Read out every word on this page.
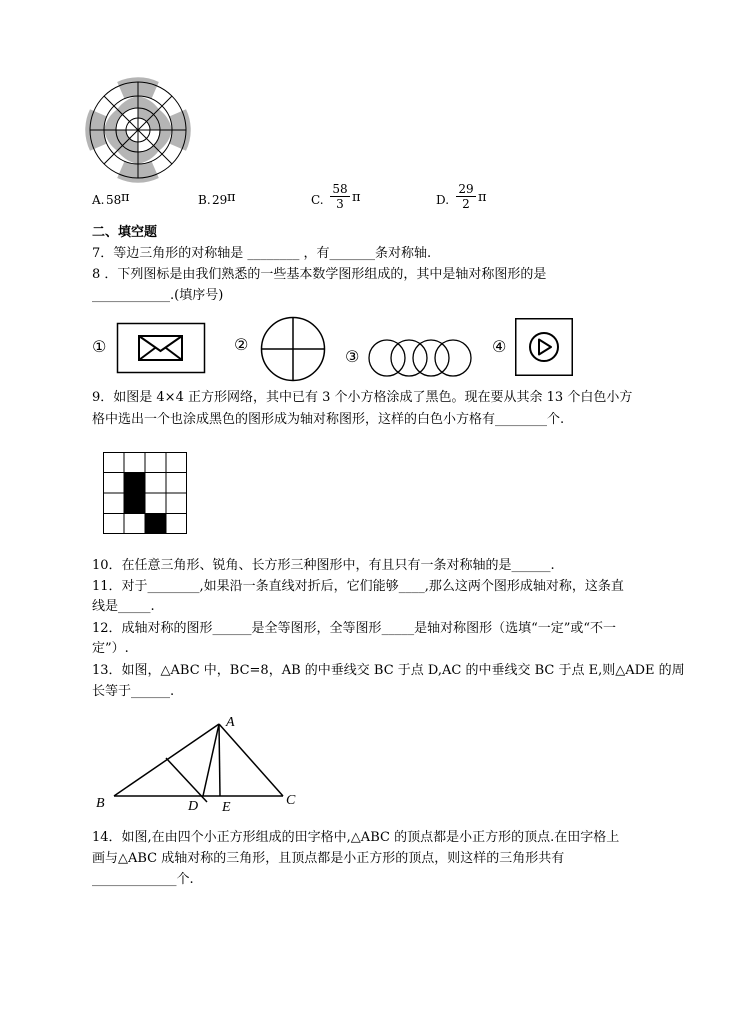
A. 58 π	B. 29 π	C. $\frac{58}{3}$ π	D. $\frac{29}{2}$ π
二、填空题
7．等边三角形的对称轴是 ________ ，有_______条对称轴.
8 ．下列图标是由我们熟悉的一些基本数学图形组成的，其中是轴对称图形的是
____________.(填序号)
①	②
③
④
9．如图是 4×4 正方形网络，其中已有 3 个小方格涂成了黑色。现在要从其余 13 个白色小方
格中选出一个也涂成黑色的图形成为轴对称图形，这样的白色小方格有________个.
10．在任意三角形、锐角、长方形三种图形中，有且只有一条对称轴的是______.
11．对于________,如果沿一条直线对折后，它们能够____,那么这两个图形成轴对称，这条直
线是_____.
12．成轴对称的图形______是全等图形，全等图形_____是轴对称图形（选填“一定”或“不一
定”）.
13．如图，△ABC 中，BC=8，AB 的中垂线交 BC 于点 D,AC 的中垂线交 BC 于点 E,则△ADE 的周
长等于______.
A
B	C
D E
14．如图,在由四个小正方形组成的田字格中,△ABC 的顶点都是小正方形的顶点.在田字格上
画与△ABC 成轴对称的三角形，且顶点都是小正方形的顶点，则这样的三角形共有
_____________个.
